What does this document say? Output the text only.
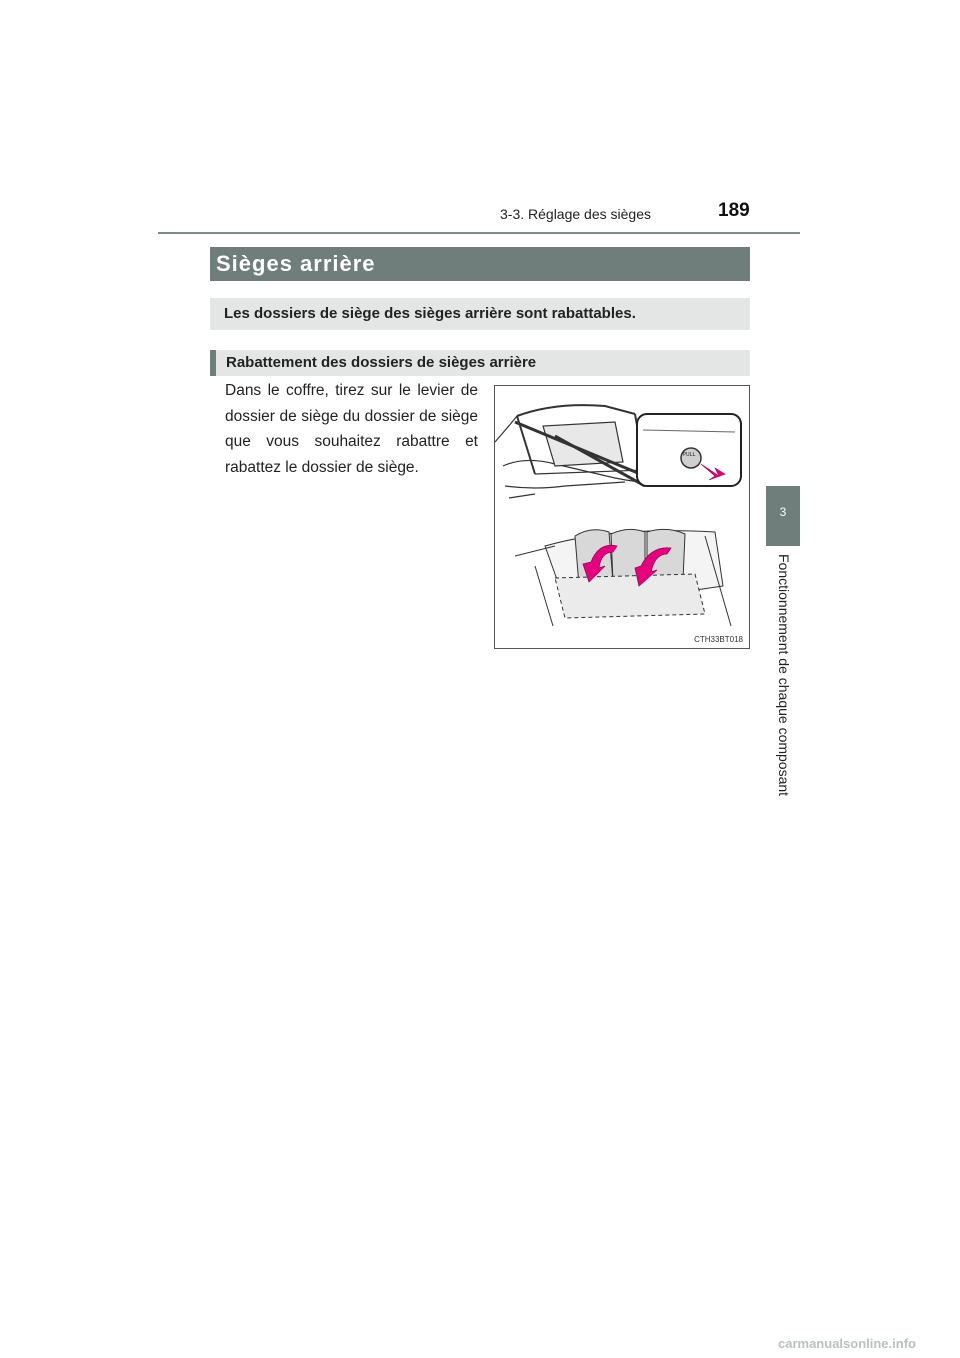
3-3. Réglage des sièges	189
3
Fonctionnement de chaque composant
Sièges arrière
Les dossiers de siège des sièges arrière sont rabattables.
Rabattement des dossiers de sièges arrière
Dans le coffre, tirez sur le levier de dossier de siège du dossier de siège que vous souhaitez rabattre et rabattez le dossier de siège.
PULL
CTH33BT018
carmanualsonline.info
